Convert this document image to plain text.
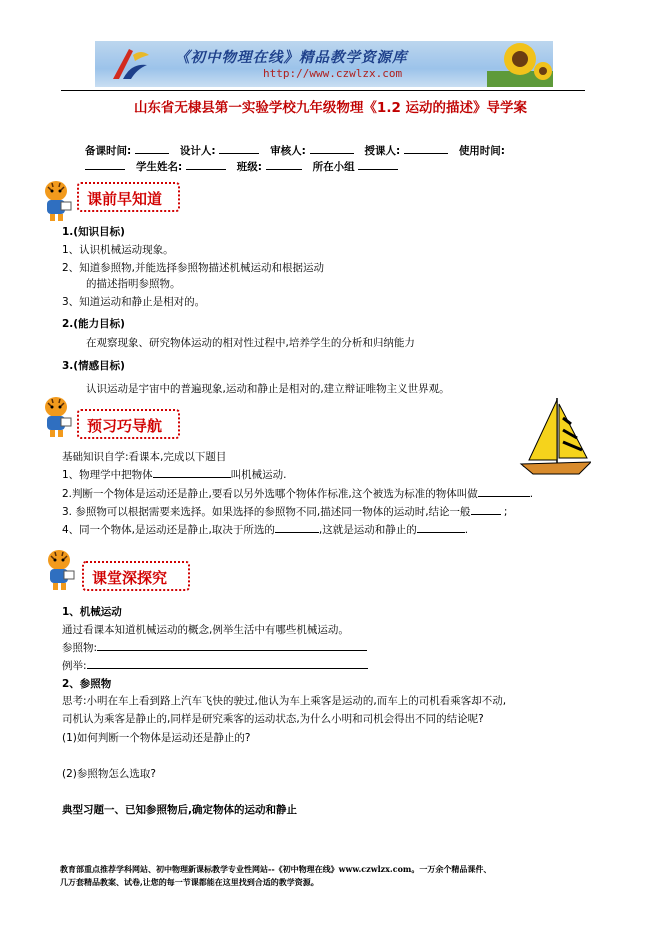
《初中物理在线》精品教学资源库
http://www.czwlzx.com
山东省无棣县第一实验学校九年级物理《1.2 运动的描述》导学案
备课时间:	设计人:	审核人:	授课人:	使用时间:
学生姓名:	班级:	所在小组
课前早知道
1.(知识目标)
1、认识机械运动现象。
2、知道参照物,并能选择参照物描述机械运动和根据运动
的描述指明参照物。
3、知道运动和静止是相对的。
2.(能力目标)
在观察现象、研究物体运动的相对性过程中,培养学生的分析和归纳能力
3.(情感目标)
认识运动是宇宙中的普遍现象,运动和静止是相对的,建立辩证唯物主义世界观。
预习巧导航
基础知识自学:看课本,完成以下题目
1、物理学中把物体	叫机械运动.
2.判断一个物体是运动还是静止,要看以另外选哪个物体作标准,这个被选为标准的物体叫做	.
3. 参照物可以根据需要来选择。如果选择的参照物不同,描述同一物体的运动时,结论一般	;
4、同一个物体,是运动还是静止,取决于所选的	,这就是运动和静止的	.
课堂深探究
1、机械运动
通过看课本知道机械运动的概念,例举生活中有哪些机械运动。
参照物:
例举:
2、参照物
思考:小明在车上看到路上汽车飞快的驶过,他认为车上乘客是运动的,而车上的司机看乘客却不动,
司机认为乘客是静止的,同样是研究乘客的运动状态,为什么小明和司机会得出不同的结论呢?
(1)如何判断一个物体是运动还是静止的?
(2)参照物怎么选取?
典型习题一、已知参照物后,确定物体的运动和静止
教育部重点推荐学科网站、初中物理新课标教学专业性网站--《初中物理在线》www.czwlzx.com。一万余个精品课件、
几万套精品教案、试卷,让您的每一节课都能在这里找到合适的教学资源。
